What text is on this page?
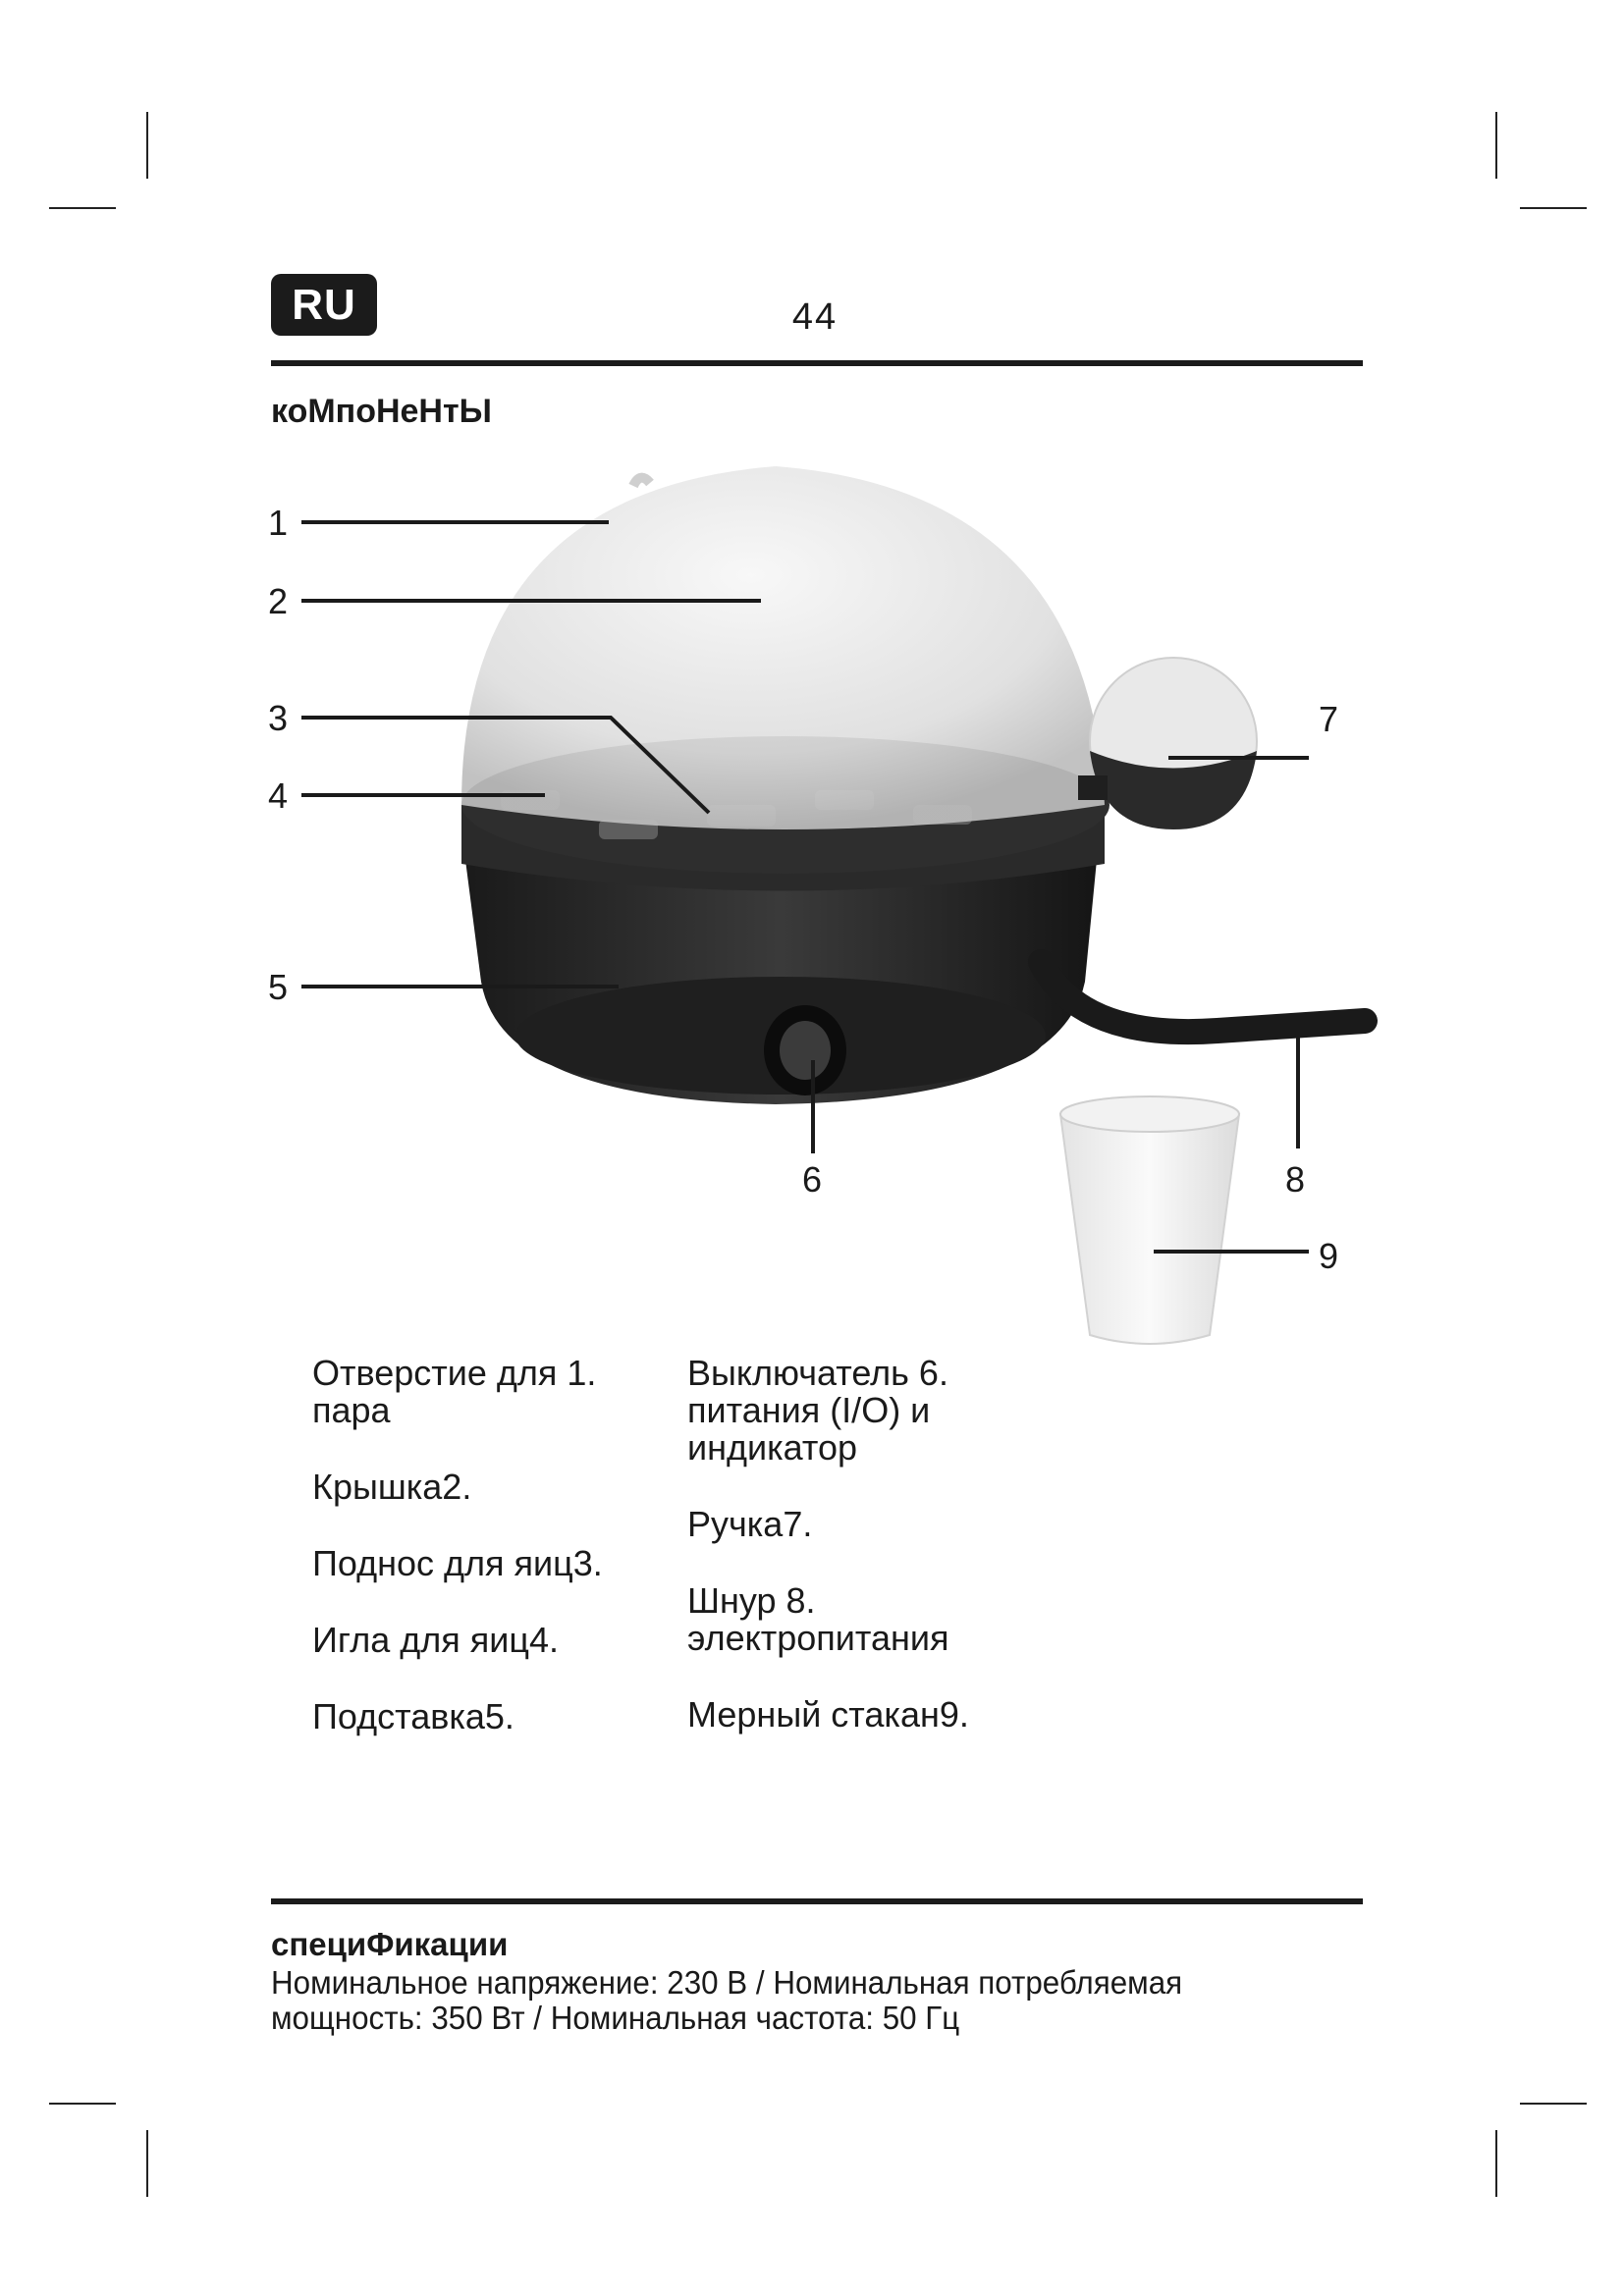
RU	44
коМпоНеНтЫ
1
2
3
4
5
6
7
8
9
Отверстие для 1.
пара
Крышка2.
Поднос для яиц3.
Игла для яиц4.
Подставка5.
Выключатель 6.
питания (I/O) и
индикатор
Ручка7.
Шнур 8.
электропитания
Мерный стакан9.
специФикации
Номинальное напряжение: 230 В / Номинальная потребляемая мощность: 350 Вт / Номинальная частота: 50 Гц
